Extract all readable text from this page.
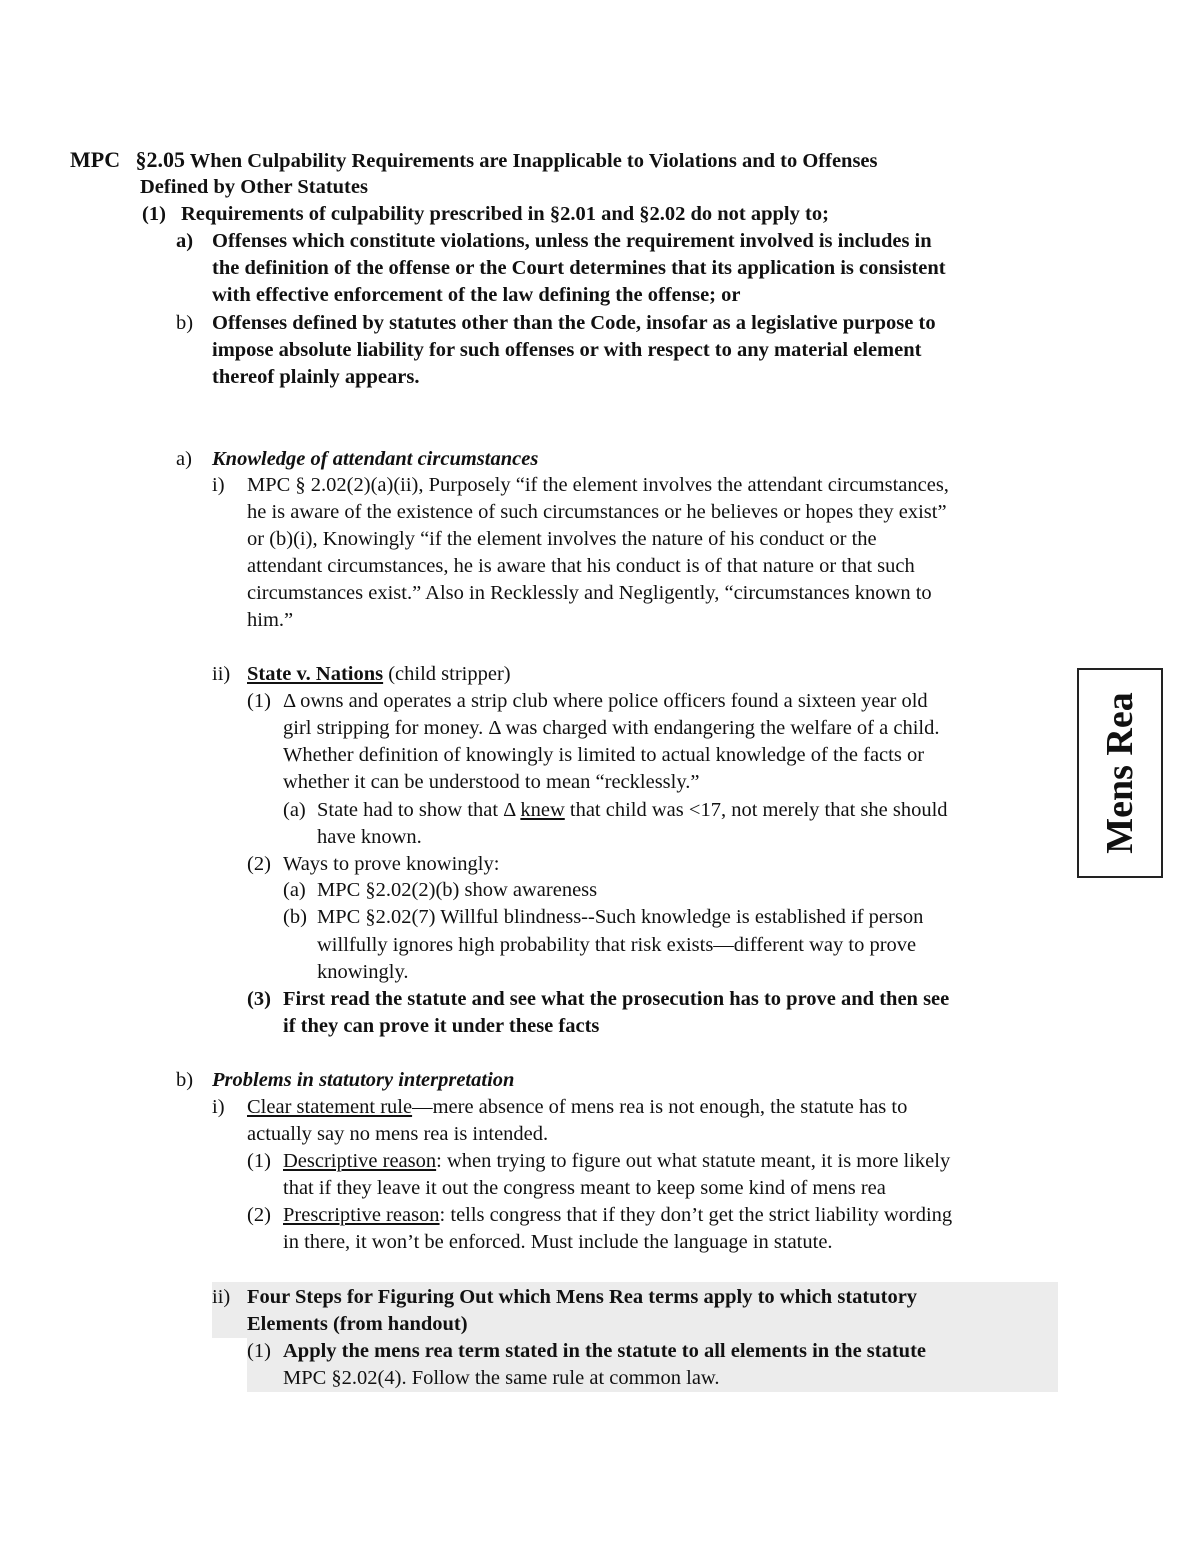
MPC §2.05 When Culpability Requirements are Inapplicable to Violations and to Offenses
Defined by Other Statutes
(1) Requirements of culpability prescribed in §2.01 and §2.02 do not apply to;
a) Offenses which constitute violations, unless the requirement involved is includes in
the definition of the offense or the Court determines that its application is consistent
with effective enforcement of the law defining the offense; or
b) Offenses defined by statutes other than the Code, insofar as a legislative purpose to
impose absolute liability for such offenses or with respect to any material element
thereof plainly appears.
a) Knowledge of attendant circumstances
i) MPC § 2.02(2)(a)(ii), Purposely “if the element involves the attendant circumstances,
he is aware of the existence of such circumstances or he believes or hopes they exist”
or (b)(i), Knowingly “if the element involves the nature of his conduct or the
attendant circumstances, he is aware that his conduct is of that nature or that such
circumstances exist.” Also in Recklessly and Negligently, “circumstances known to
him.”
ii) State v. Nations (child stripper)
(1) Δ owns and operates a strip club where police officers found a sixteen year old
girl stripping for money. Δ was charged with endangering the welfare of a child.
Whether definition of knowingly is limited to actual knowledge of the facts or
whether it can be understood to mean “recklessly.”
(a) State had to show that Δ knew that child was <17, not merely that she should
have known.
(2) Ways to prove knowingly:
(a) MPC §2.02(2)(b) show awareness
(b) MPC §2.02(7) Willful blindness--Such knowledge is established if person
willfully ignores high probability that risk exists—different way to prove
knowingly.
(3) First read the statute and see what the prosecution has to prove and then see
if they can prove it under these facts
b) Problems in statutory interpretation
i) Clear statement rule—mere absence of mens rea is not enough, the statute has to
actually say no mens rea is intended.
(1) Descriptive reason: when trying to figure out what statute meant, it is more likely
that if they leave it out the congress meant to keep some kind of mens rea
(2) Prescriptive reason: tells congress that if they don’t get the strict liability wording
in there, it won’t be enforced. Must include the language in statute.
ii) Four Steps for Figuring Out which Mens Rea terms apply to which statutory
Elements (from handout)
(1) Apply the mens rea term stated in the statute to all elements in the statute
MPC §2.02(4). Follow the same rule at common law.
Mens Rea
